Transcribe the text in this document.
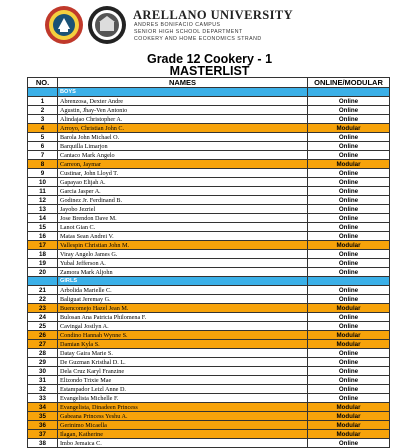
ARELLANO UNIVERSITY
ANDRES BONIFACIO CAMPUS
SENIOR HIGH SCHOOL DEPARTMENT
COOKERY AND HOME ECONOMICS STRAND
Grade 12 Cookery - 1
MASTERLIST
NO.	NAMES	ONLINE/MODULAR
	BOYS	
1	Abrenzosa, Dexter Andre	Online
2	Agustin, Jhay-Ven Antonio	Online
3	Alindajao Christopher A.	Online
4	Arroyo, Christian John C.	Modular
5	Barola John Michael O.	Online
6	Barquilla Limarjon	Online
7	Cantaco Mark Angelo	Online
8	Carreon, Jaymar	Modular
9	Custinar, John Lloyd T.	Online
10	Gapayao Elijah A.	Online
11	Garcia Jasper A.	Online
12	Godinez Jr. Ferdinand B.	Online
13	Jayobo Jezriel	Online
14	Jose Brendon Dave M.	Online
15	Lanot Gian C.	Online
16	Matas Sean Andrei V.	Online
17	Vallespin Christian John M.	Modular
18	Viray Angelo James G.	Online
19	Yubal Jefferson A.	Online
20	Zamora Mark Aljohn	Online
	GIRLS	
21	Arbolida Marielle C.	Online
22	Baliguat Jeremay G.	Online
23	Buencomejo Hazel Jean M.	Modular
24	Bulosan Ana Patricia Philomena F.	Online
25	Cavingal Jostlyn A.	Online
26	Condino Hannah Wynne S.	Modular
27	Damian Kyla S.	Modular
28	Datay Gaira Marie S.	Online
29	De Guzman Kristhal D. L.	Online
30	Dela Cruz Karyl Franzine	Online
31	Elizondo Trixie Mae	Online
32	Estampador Leizl Anne D.	Online
33	Evangelista Michelle F.	Online
34	Evangelista, Dinadeen Princess	Modular
35	Gabeana Princess Yeshu A.	Modular
36	Gerinimo Micaella	Modular
37	Ilagan, Katherine	Modular
38	Imbo Jemaica C.	Online
